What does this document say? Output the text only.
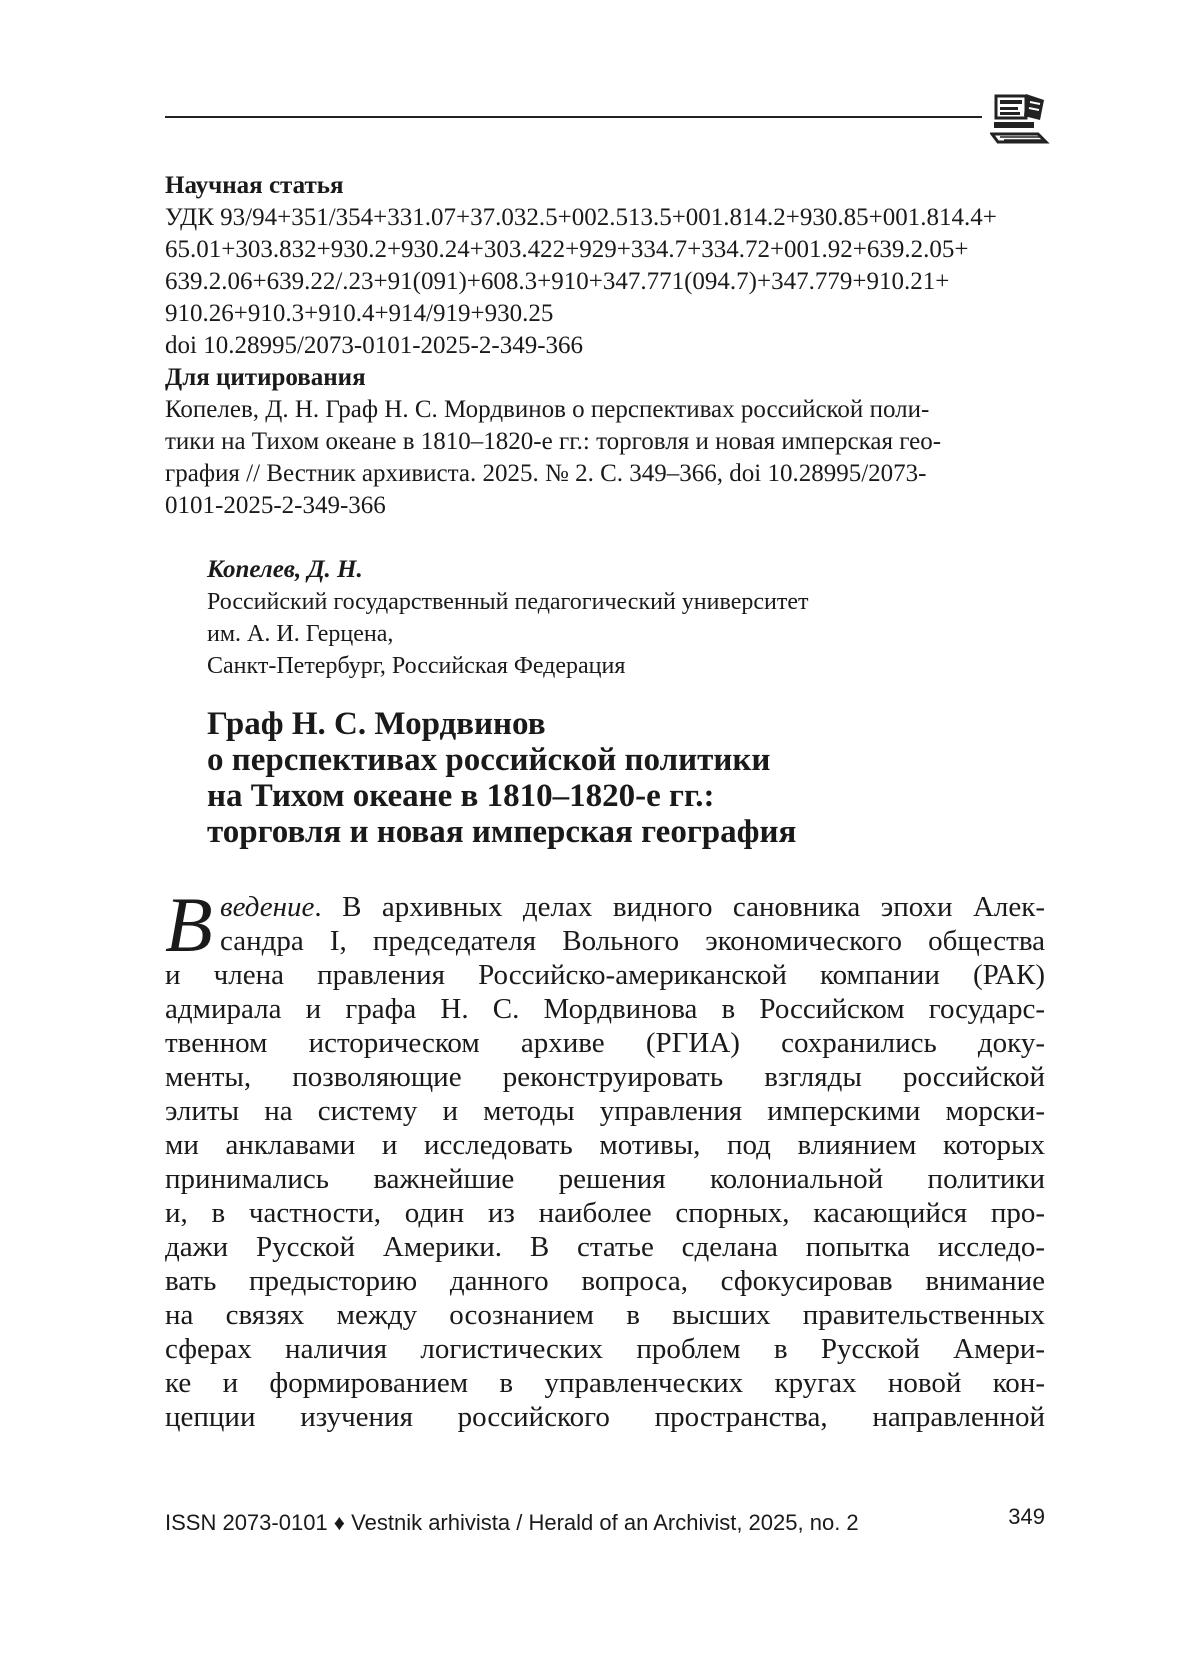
Научная статья

УДК 93/94+351/354+331.07+37.032.5+002.513.5+001.814.2+930.85+001.814.4+

65.01+303.832+930.2+930.24+303.422+929+334.7+334.72+001.92+639.2.05+

639.2.06+639.22/.23+91(091)+608.3+910+347.771(094.7)+347.779+910.21+

910.26+910.3+910.4+914/919+930.25

doi 10.28995/2073-0101-2025-2-349-366

Для цитирования

Копелев, Д. Н. Граф Н. С. Мордвинов о перспективах российской поли-

тики на Тихом океане в 1810–1820-е гг.: торговля и новая имперская гео-

графия // Вестник архивиста. 2025. № 2. С. 349–366, doi 10.28995/2073-

0101-2025-2-349-366

Копелев, Д. Н.

Российский государственный педагогический университет

им. А. И. Герцена,

Санкт-Петербург, Российская Федерация

Граф Н. С. Мордвинов

о перспективах российской политики

на Тихом океане в 1810–1820-е гг.:

торговля и новая имперская география

В ведение. В архивных делах видного сановника эпохи Алек-
сандра I, председателя Вольного экономического общества
и члена правления Российско-американской компании (РАК)
адмирала и графа Н. С. Мордвинова в Российском государс-
твенном историческом архиве (РГИА) сохранились доку-
менты, позволяющие реконструировать взгляды российской
элиты на систему и методы управления имперскими морски-
ми анклавами и исследовать мотивы, под влиянием которых
принимались важнейшие решения колониальной политики
и, в частности, один из наиболее спорных, касающийся про-
дажи Русской Америки. В статье сделана попытка исследо-
вать предысторию данного вопроса, сфокусировав внимание
на связях между осознанием в высших правительственных
сферах наличия логистических проблем в Русской Амери-
ке и формированием в управленческих кругах новой кон-
цепции изучения российского пространства, направленной
ISSN 2073-0101 ♦ Vestnik arhivista / Herald of an Archivist, 2025, no. 2	349
